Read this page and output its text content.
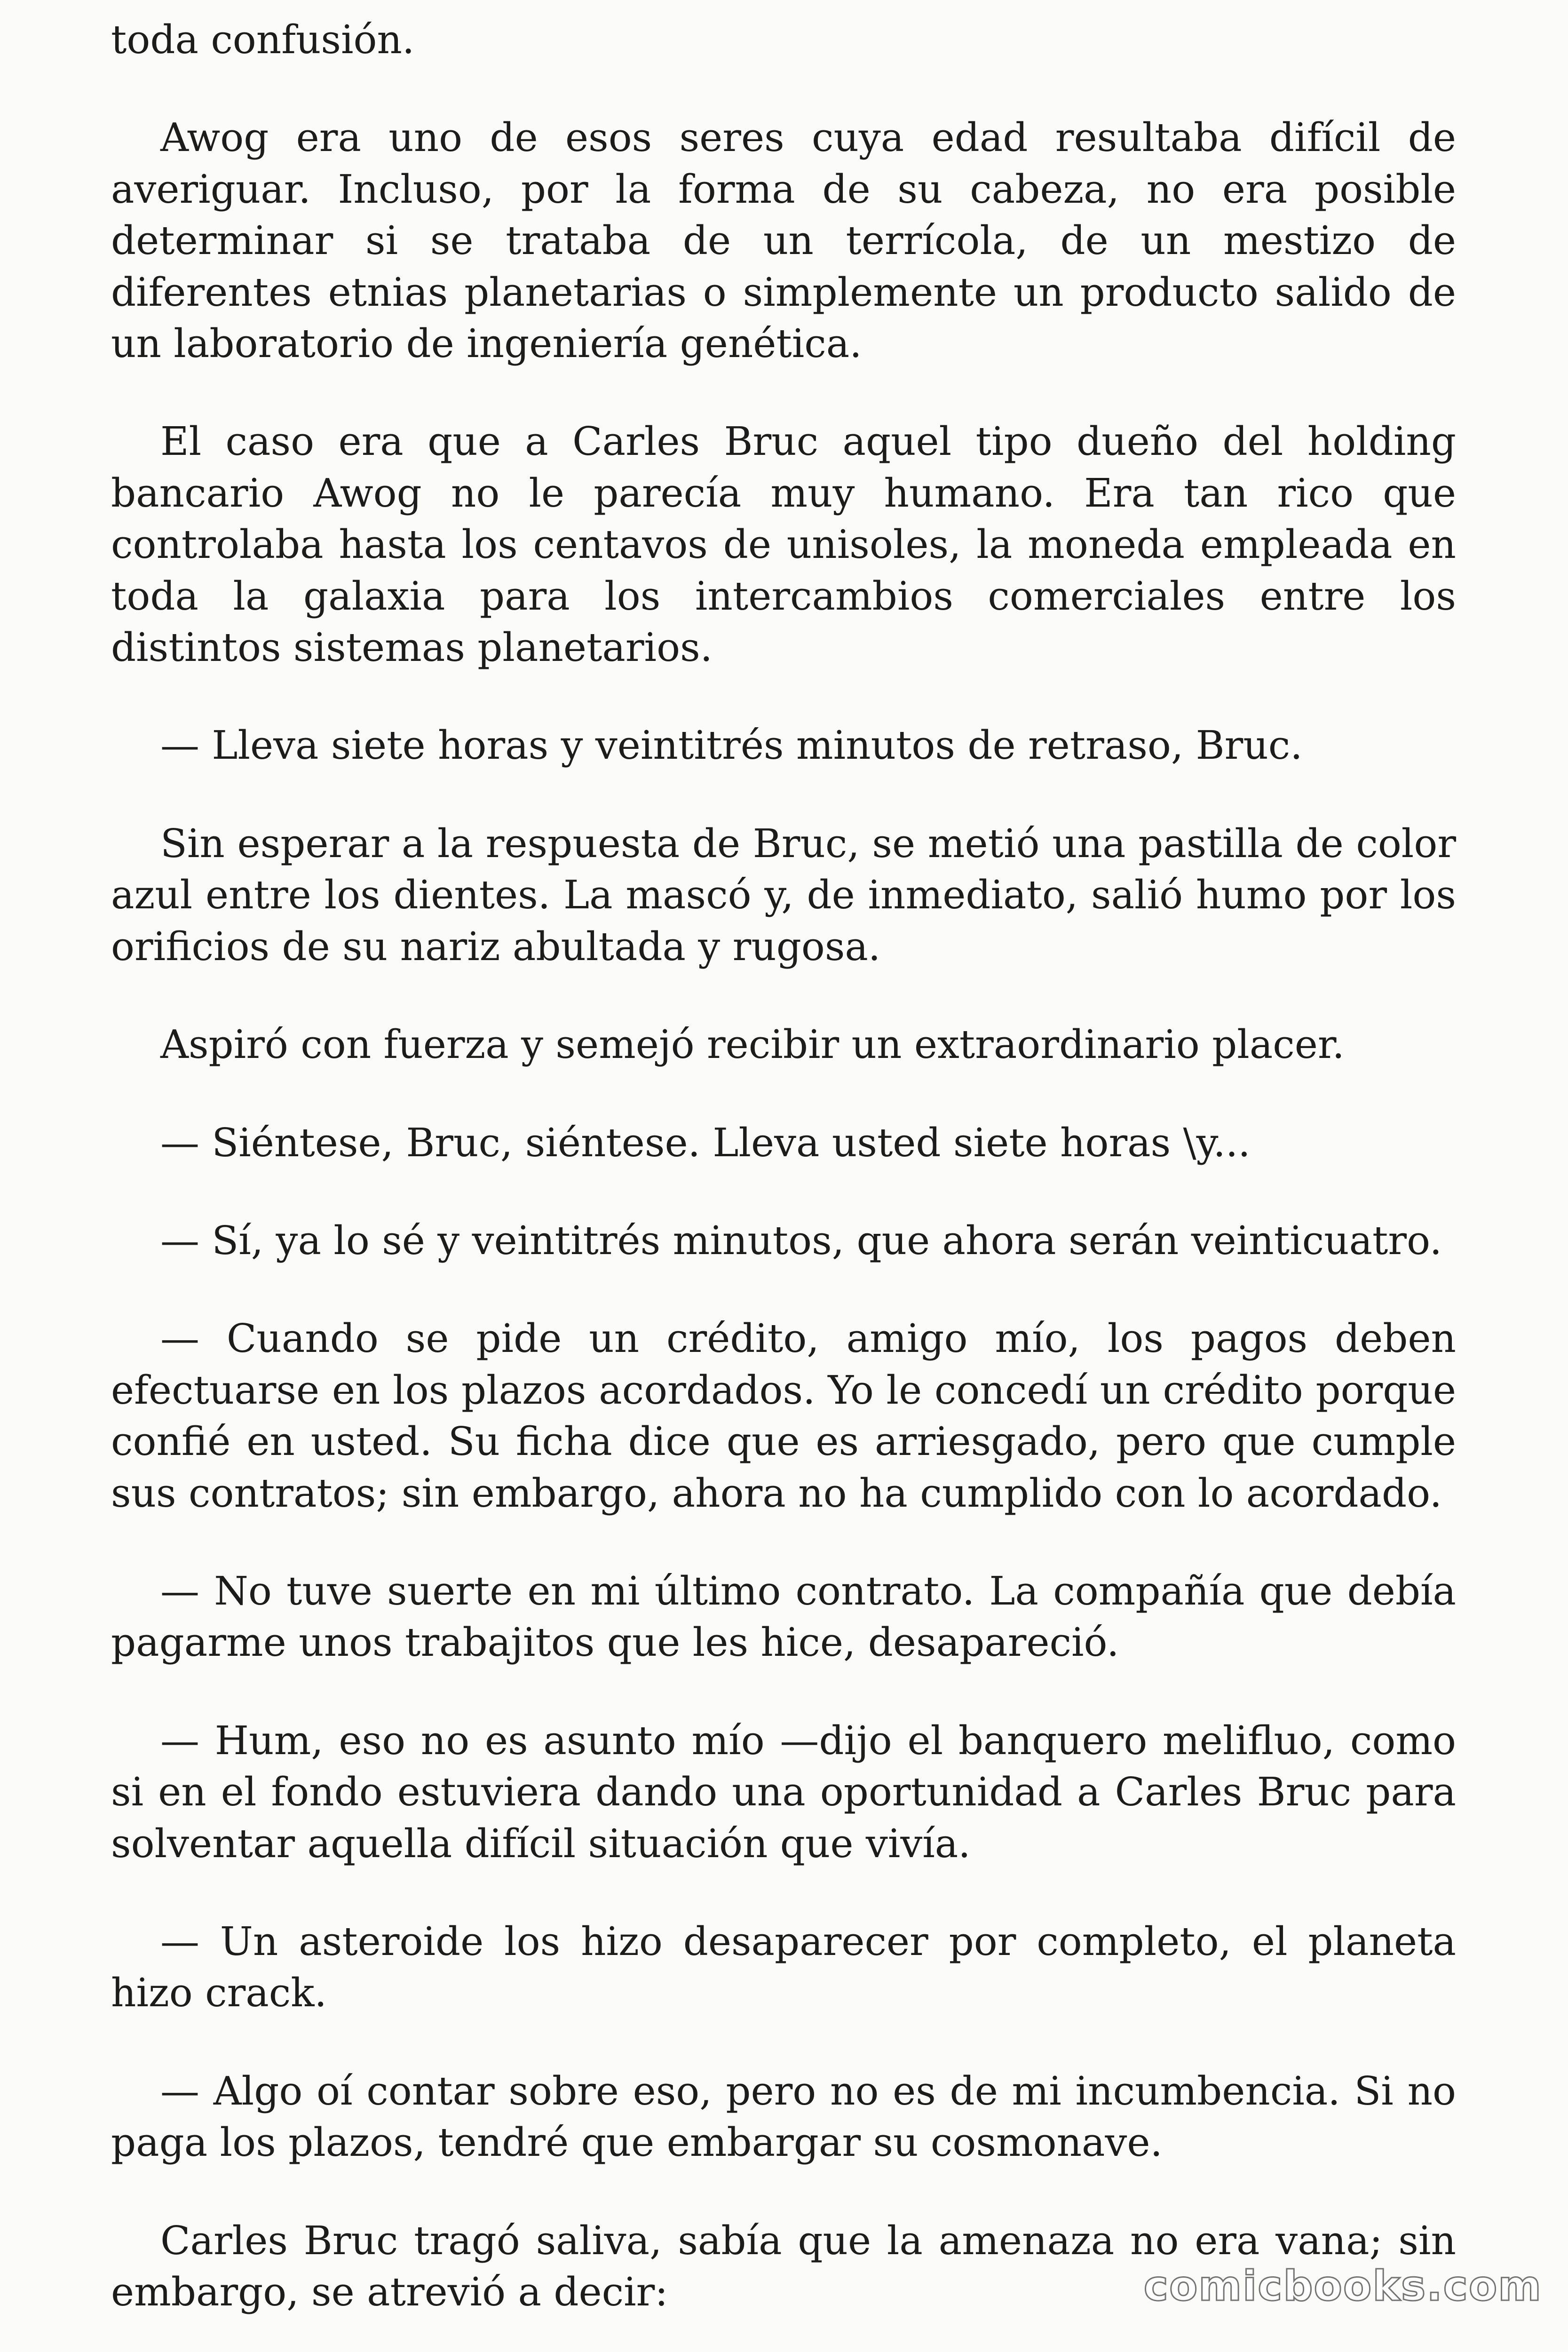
toda confusión.

Awog era uno de esos seres cuya edad resultaba difícil de averiguar. Incluso, por la forma de su cabeza, no era posible determinar si se trataba de un terrícola, de un mestizo de diferentes etnias planetarias o simplemente un producto salido de un laboratorio de ingeniería genética.

El caso era que a Carles Bruc aquel tipo dueño del holding bancario Awog no le parecía muy humano. Era tan rico que controlaba hasta los centavos de unisoles, la moneda empleada en toda la galaxia para los intercambios comerciales entre los distintos sistemas planetarios.

— Lleva siete horas y veintitrés minutos de retraso, Bruc.

Sin esperar a la respuesta de Bruc, se metió una pastilla de color azul entre los dientes. La mascó y, de inmediato, salió humo por los orificios de su nariz abultada y rugosa.

Aspiró con fuerza y semejó recibir un extraordinario placer.

— Siéntese, Bruc, siéntese. Lleva usted siete horas \y...

— Sí, ya lo sé y veintitrés minutos, que ahora serán veinticuatro.

— Cuando se pide un crédito, amigo mío, los pagos deben efectuarse en los plazos acordados. Yo le concedí un crédito porque confié en usted. Su ficha dice que es arriesgado, pero que cumple sus contratos; sin embargo, ahora no ha cumplido con lo acordado.

— No tuve suerte en mi último contrato. La compañía que debía pagarme unos trabajitos que les hice, desapareció.

— Hum, eso no es asunto mío —dijo el banquero melifluo, como si en el fondo estuviera dando una oportunidad a Carles Bruc para solventar aquella difícil situación que vivía.

— Un asteroide los hizo desaparecer por completo, el planeta hizo crack.

— Algo oí contar sobre eso, pero no es de mi incumbencia. Si no paga los plazos, tendré que embargar su cosmonave.

Carles Bruc tragó saliva, sabía que la amenaza no era vana; sin embargo, se atrevió a decir:	comicbooks.com
